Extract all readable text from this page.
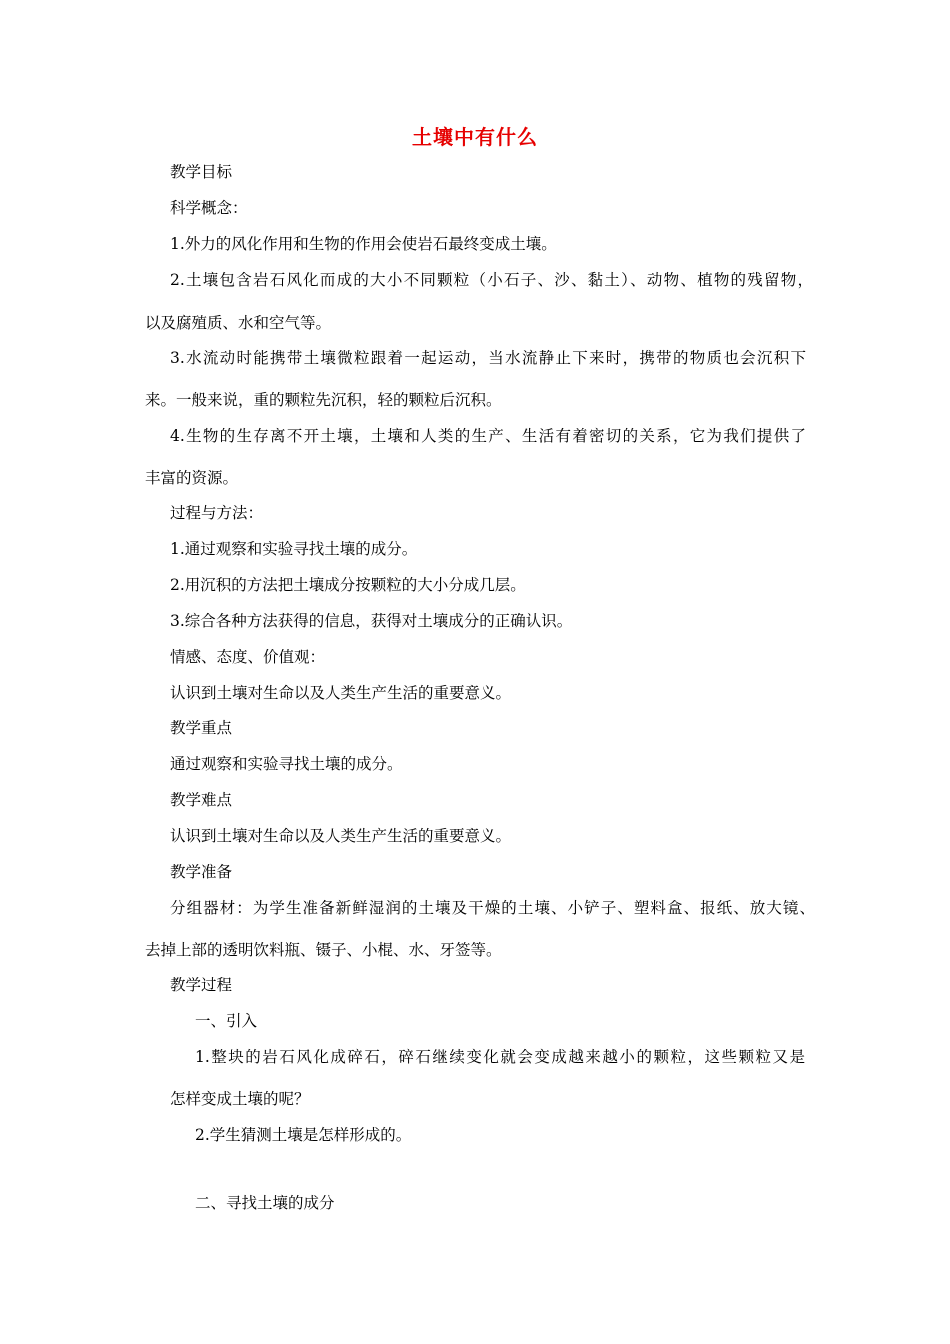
土壤中有什么
教学目标
科学概念：
1.外力的风化作用和生物的作用会使岩石最终变成土壤。
2.土壤包含岩石风化而成的大小不同颗粒（小石子、沙、黏土）、动物、植物的残留物，
以及腐殖质、水和空气等。
3.水流动时能携带土壤微粒跟着一起运动，当水流静止下来时，携带的物质也会沉积下
来。一般来说，重的颗粒先沉积，轻的颗粒后沉积。
4.生物的生存离不开土壤，土壤和人类的生产、生活有着密切的关系，它为我们提供了
丰富的资源。
过程与方法：
1.通过观察和实验寻找土壤的成分。
2.用沉积的方法把土壤成分按颗粒的大小分成几层。
3.综合各种方法获得的信息，获得对土壤成分的正确认识。
情感、态度、价值观：
认识到土壤对生命以及人类生产生活的重要意义。
教学重点
通过观察和实验寻找土壤的成分。
教学难点
认识到土壤对生命以及人类生产生活的重要意义。
教学准备
分组器材：为学生准备新鲜湿润的土壤及干燥的土壤、小铲子、塑料盒、报纸、放大镜、
去掉上部的透明饮料瓶、镊子、小棍、水、牙签等。
教学过程
一、引入
1.整块的岩石风化成碎石，碎石继续变化就会变成越来越小的颗粒，这些颗粒又是
怎样变成土壤的呢？
2.学生猜测土壤是怎样形成的。
二、寻找土壤的成分
